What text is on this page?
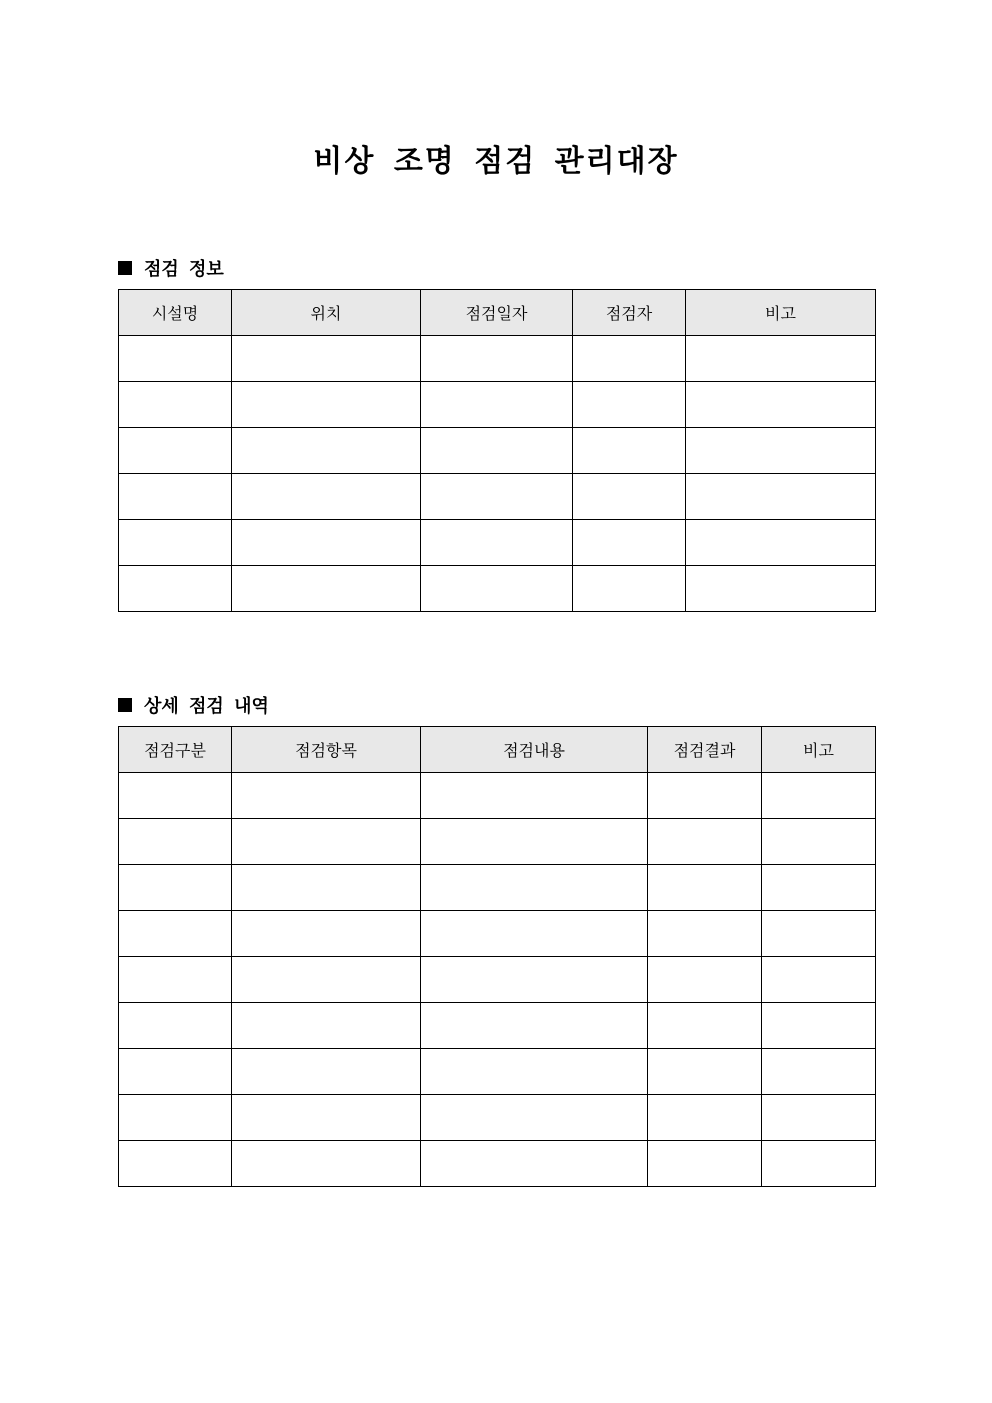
비상 조명 점검 관리대장
점검 정보
시설명	위치	점검일자	점검자	비고

상세 점검 내역
점검구분	점검항목	점검내용	점검결과	비고
